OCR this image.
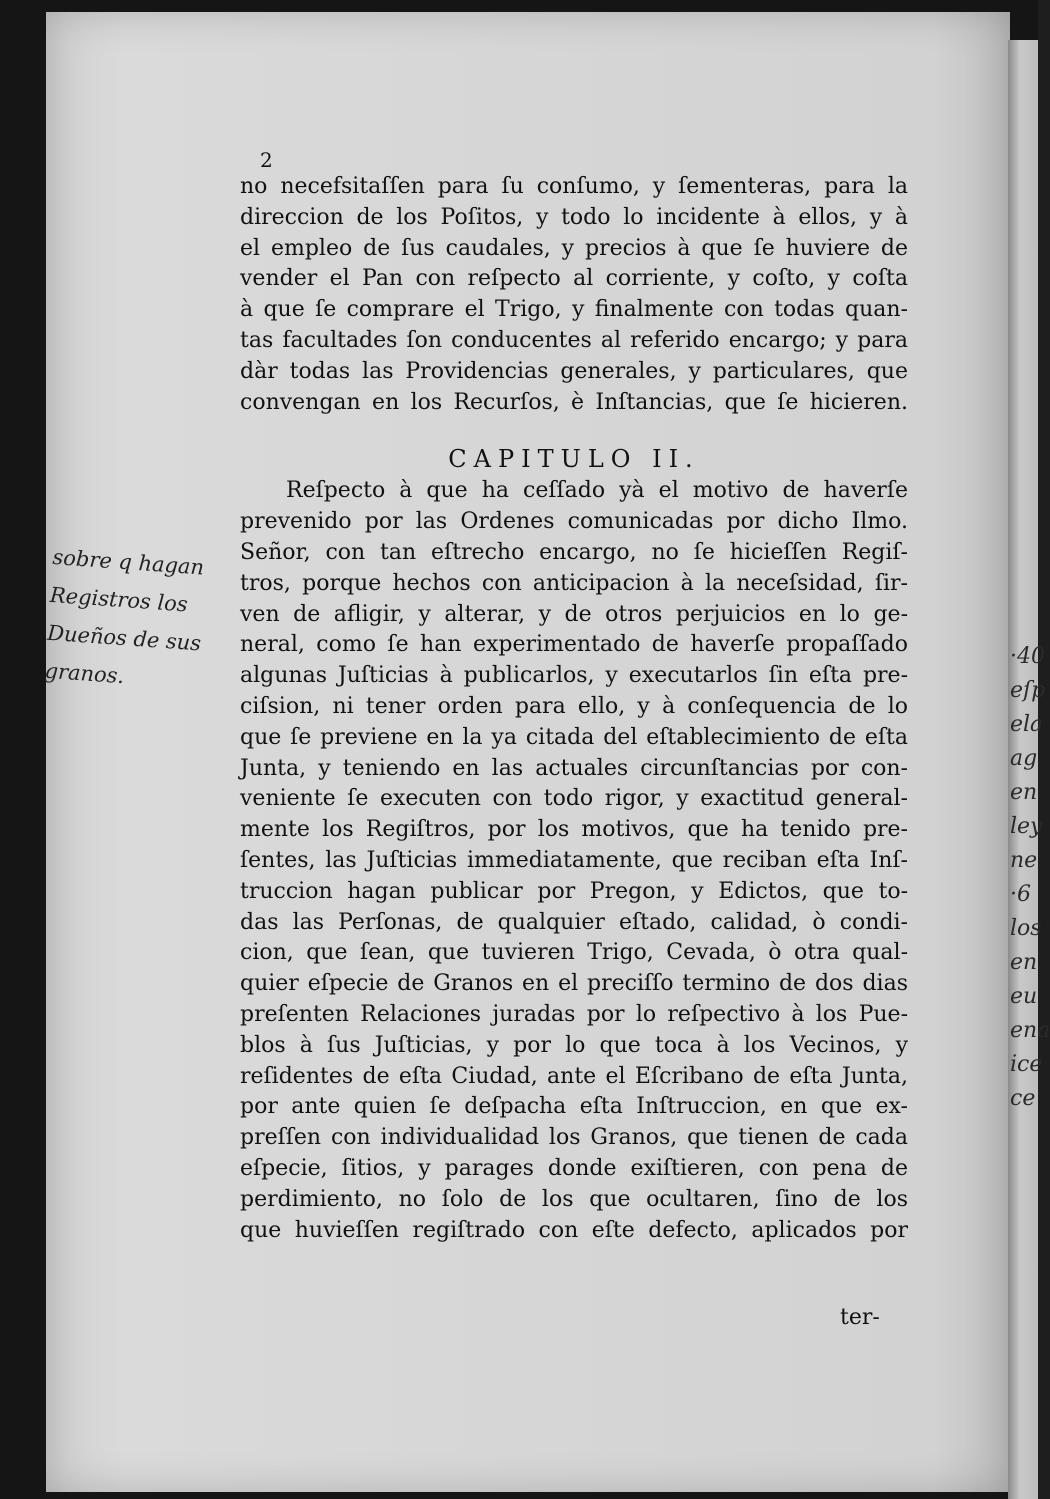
·40
eſp
ela
ag
en
ley
ne
·6
los
en
eu
ena
ice
ce
2
no necefsitaſſen para ſu conſumo, y ſementeras, para la
direccion de los Poſitos, y todo lo incidente à ellos, y à
el empleo de ſus caudales, y precios à que ſe huviere de
vender el Pan con reſpecto al corriente, y coſto, y coſta
à que ſe comprare el Trigo, y finalmente con todas quan-
tas facultades ſon conducentes al referido encargo; y para
dàr todas las Providencias generales, y particulares, que
convengan en los Recurſos, è Inſtancias, que ſe hicieren.
CAPITULO II.
Reſpecto à que ha ceſſado yà el motivo de haverſe
prevenido por las Ordenes comunicadas por dicho Ilmo.
Señor, con tan eſtrecho encargo, no ſe hicieſſen Regiſ-
tros, porque hechos con anticipacion à la neceſsidad, ſir-
ven de afligir, y alterar, y de otros perjuicios en lo ge-
neral, como ſe han experimentado de haverſe propaſſado
algunas Juſticias à publicarlos, y executarlos ſin eſta pre-
ciſsion, ni tener orden para ello, y à conſequencia de lo
que ſe previene en la ya citada del eſtablecimiento de eſta
Junta, y teniendo en las actuales circunſtancias por con-
veniente ſe executen con todo rigor, y exactitud general-
mente los Regiſtros, por los motivos, que ha tenido pre-
ſentes, las Juſticias immediatamente, que reciban eſta Inſ-
truccion hagan publicar por Pregon, y Edictos, que to-
das las Perſonas, de qualquier eſtado, calidad, ò condi-
cion, que ſean, que tuvieren Trigo, Cevada, ò otra qual-
quier eſpecie de Granos en el preciſſo termino de dos dias
preſenten Relaciones juradas por lo reſpectivo à los Pue-
blos à ſus Juſticias, y por lo que toca à los Vecinos, y
reſidentes de eſta Ciudad, ante el Eſcribano de eſta Junta,
por ante quien ſe deſpacha eſta Inſtruccion, en que ex-
preſſen con individualidad los Granos, que tienen de cada
eſpecie, ſitios, y parages donde exiſtieren, con pena de
perdimiento, no ſolo de los que ocultaren, ſino de los
que huvieſſen regiſtrado con eſte defecto, aplicados por
sobre q hagan
Registros los
Dueños de sus
granos.
ter-
